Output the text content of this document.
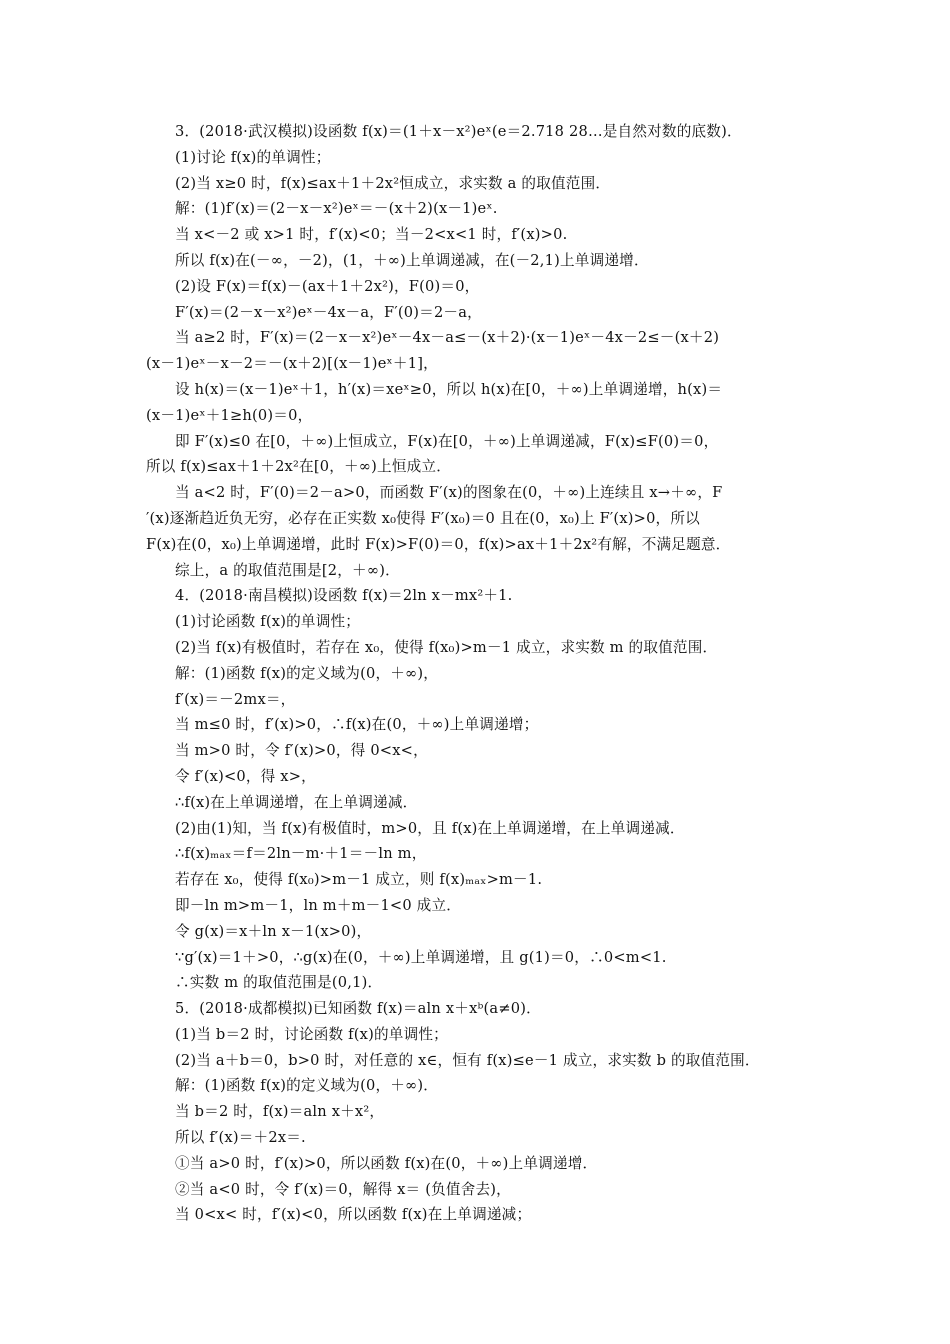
3．(2018·武汉模拟)设函数 f(x)＝(1＋x－x²)eˣ(e＝2.718 28…是自然对数的底数)．
(1)讨论 f(x)的单调性；
(2)当 x≥0 时，f(x)≤ax＋1＋2x²恒成立，求实数 a 的取值范围．
解：(1)f′(x)＝(2－x－x²)eˣ＝－(x＋2)(x－1)eˣ.
当 x<－2 或 x>1 时，f′(x)<0；当－2<x<1 时，f′(x)>0.
所以 f(x)在(－∞，－2)，(1，＋∞)上单调递减，在(－2,1)上单调递增．
(2)设 F(x)＝f(x)－(ax＋1＋2x²)，F(0)＝0，
F′(x)＝(2－x－x²)eˣ－4x－a，F′(0)＝2－a，
当 a≥2 时，F′(x)＝(2－x－x²)eˣ－4x－a≤－(x＋2)·(x－1)eˣ－4x－2≤－(x＋2)
(x－1)eˣ－x－2＝－(x＋2)[(x－1)eˣ＋1]，
设 h(x)＝(x－1)eˣ＋1，h′(x)＝xeˣ≥0，所以 h(x)在[0，＋∞)上单调递增，h(x)＝
(x－1)eˣ＋1≥h(0)＝0，
即 F′(x)≤0 在[0，＋∞)上恒成立，F(x)在[0，＋∞)上单调递减，F(x)≤F(0)＝0，
所以 f(x)≤ax＋1＋2x²在[0，＋∞)上恒成立．
当 a<2 时，F′(0)＝2－a>0，而函数 F′(x)的图象在(0，＋∞)上连续且 x→＋∞，F
′(x)逐渐趋近负无穷，必存在正实数 x₀使得 F′(x₀)＝0 且在(0，x₀)上 F′(x)>0，所以
F(x)在(0，x₀)上单调递增，此时 F(x)>F(0)＝0，f(x)>ax＋1＋2x²有解，不满足题意．
综上，a 的取值范围是[2，＋∞)．
4．(2018·南昌模拟)设函数 f(x)＝2ln x－mx²＋1.
(1)讨论函数 f(x)的单调性；
(2)当 f(x)有极值时，若存在 x₀，使得 f(x₀)>m－1 成立，求实数 m 的取值范围．
解：(1)函数 f(x)的定义域为(0，＋∞)，
f′(x)＝－2mx＝，
当 m≤0 时，f′(x)>0，∴f(x)在(0，＋∞)上单调递增；
当 m>0 时，令 f′(x)>0，得 0<x<，
令 f′(x)<0，得 x>，
∴f(x)在上单调递增，在上单调递减．
(2)由(1)知，当 f(x)有极值时，m>0，且 f(x)在上单调递增，在上单调递减．
∴f(x)ₘₐₓ＝f＝2ln－m·＋1＝－ln m，
若存在 x₀，使得 f(x₀)>m－1 成立，则 f(x)ₘₐₓ>m－1.
即－ln m>m－1，ln m＋m－1<0 成立．
令 g(x)＝x＋ln x－1(x>0)，
∵g′(x)＝1＋>0，∴g(x)在(0，＋∞)上单调递增，且 g(1)＝0，∴0<m<1.
∴实数 m 的取值范围是(0,1)．
5．(2018·成都模拟)已知函数 f(x)＝aln x＋xᵇ(a≠0)．
(1)当 b＝2 时，讨论函数 f(x)的单调性；
(2)当 a＋b＝0，b>0 时，对任意的 x∈，恒有 f(x)≤e－1 成立，求实数 b 的取值范围．
解：(1)函数 f(x)的定义域为(0，＋∞)．
当 b＝2 时，f(x)＝aln x＋x²，
所以 f′(x)＝＋2x＝.
①当 a>0 时，f′(x)>0，所以函数 f(x)在(0，＋∞)上单调递增．
②当 a<0 时，令 f′(x)＝0，解得 x＝ (负值舍去)，
当 0<x< 时，f′(x)<0，所以函数 f(x)在上单调递减；
